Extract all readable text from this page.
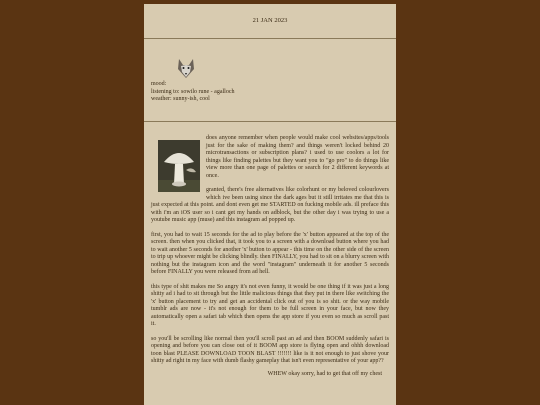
21 JAN 2023
mood:
listening to: sowilo rune - agalloch
weather: sunny-ish, cool

does anyone remember when people would make cool websites/apps/tools just for the sake of making them? and things weren't locked behind 20 microtransactions or subscription plans? i used to use coolors a lot for things like finding palettes but they want you to "go pro" to do things like view more than one page of palettes or search for 2 different keywords at once.

granted, there's free alternatives like colorhunt or my beloved colourlovers which ive been using since the dark ages but it still irritates me that this is just expected at this point. and dont even get me STARTED on fucking mobile ads. ill preface this with i'm an iOS user so i cant get my hands on adblock, but the other day i was trying to use a youtube music app (muse) and this instagram ad popped up.

first, you had to wait 15 seconds for the ad to play before the 'x' button appeared at the top of the screen. then when you clicked that, it took you to a screen with a download button where you had to wait another 5 seconds for another 'x' button to appear - this time on the other side of the screen to trip up whoever might be clicking blindly. then FINALLY, you had to sit on a blurry screen with nothing but the instagram icon and the word "instagram" underneath it for another 5 seconds before FINALLY you were released from ad hell.

this type of shit makes me So angry it's not even funny, it would be one thing if it was just a long shitty ad i had to sit through but the little malicious things that they put in there like switching the 'x' button placement to try and get an accidental click out of you is so shit. or the way mobile tumblr ads are now - it's not enough for them to be full screen in your face, but now they automatically open a safari tab which then opens the app store if you even so much as scroll past it.

so you'll be scrolling like normal then you'll scroll past an ad and then BOOM suddenly safari is opening and before you can close out of it BOOM app store is flying open and ohhh download toon blast PLEASE DOWNLOAD TOON BLAST !!!!!!! like is it not enough to just shove your shitty ad right in my face with dumb flashy gameplay that isn't even representative of your app??

WHEW okay sorry, had to get that off my chest
